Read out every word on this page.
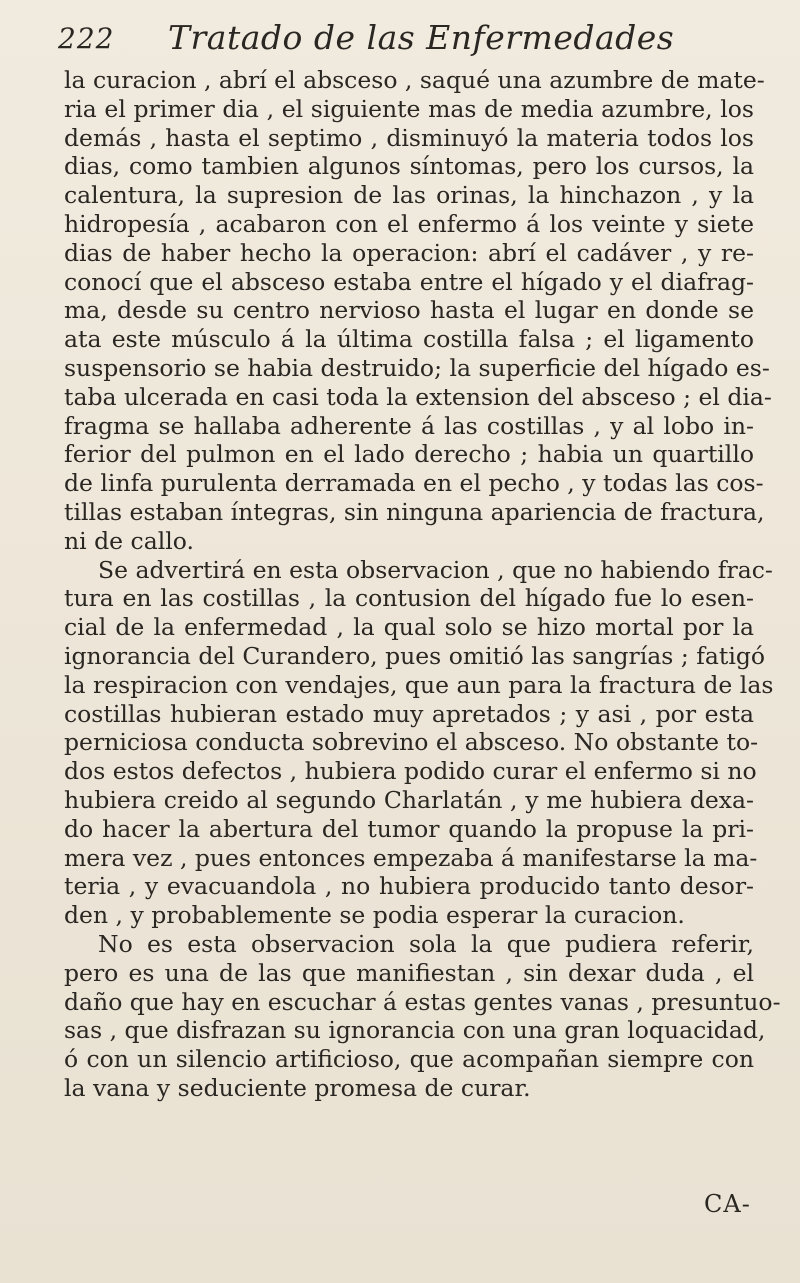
222 Tratado de las Enfermedades
la curacion , abrí el absceso , saqué una azumbre de mate-
ria el primer dia , el siguiente mas de media azumbre, los
demás , hasta el septimo , disminuyó la materia todos los
dias, como tambien algunos síntomas, pero los cursos, la
calentura, la supresion de las orinas, la hinchazon , y la
hidropesía , acabaron con el enfermo á los veinte y siete
dias de haber hecho la operacion: abrí el cadáver , y re-
conocí que el absceso estaba entre el hígado y el diafrag-
ma, desde su centro nervioso hasta el lugar en donde se
ata este músculo á la última costilla falsa ; el ligamento
suspensorio se habia destruido; la superficie del hígado es-
taba ulcerada en casi toda la extension del absceso ; el dia-
fragma se hallaba adherente á las costillas , y al lobo in-
ferior del pulmon en el lado derecho ; habia un quartillo
de linfa purulenta derramada en el pecho , y todas las cos-
tillas estaban íntegras, sin ninguna apariencia de fractura,
ni de callo.
Se advertirá en esta observacion , que no habiendo frac-
tura en las costillas , la contusion del hígado fue lo esen-
cial de la enfermedad , la qual solo se hizo mortal por la
ignorancia del Curandero, pues omitió las sangrías ; fatigó
la respiracion con vendajes, que aun para la fractura de las
costillas hubieran estado muy apretados ; y asi , por esta
perniciosa conducta sobrevino el absceso. No obstante to-
dos estos defectos , hubiera podido curar el enfermo si no
hubiera creido al segundo Charlatán , y me hubiera dexa-
do hacer la abertura del tumor quando la propuse la pri-
mera vez , pues entonces empezaba á manifestarse la ma-
teria , y evacuandola , no hubiera producido tanto desor-
den , y probablemente se podia esperar la curacion.
No es esta observacion sola la que pudiera referir,
pero es una de las que manifiestan , sin dexar duda , el
daño que hay en escuchar á estas gentes vanas , presuntuo-
sas , que disfrazan su ignorancia con una gran loquacidad,
ó con un silencio artificioso, que acompañan siempre con
la vana y seduciente promesa de curar.
CA-
